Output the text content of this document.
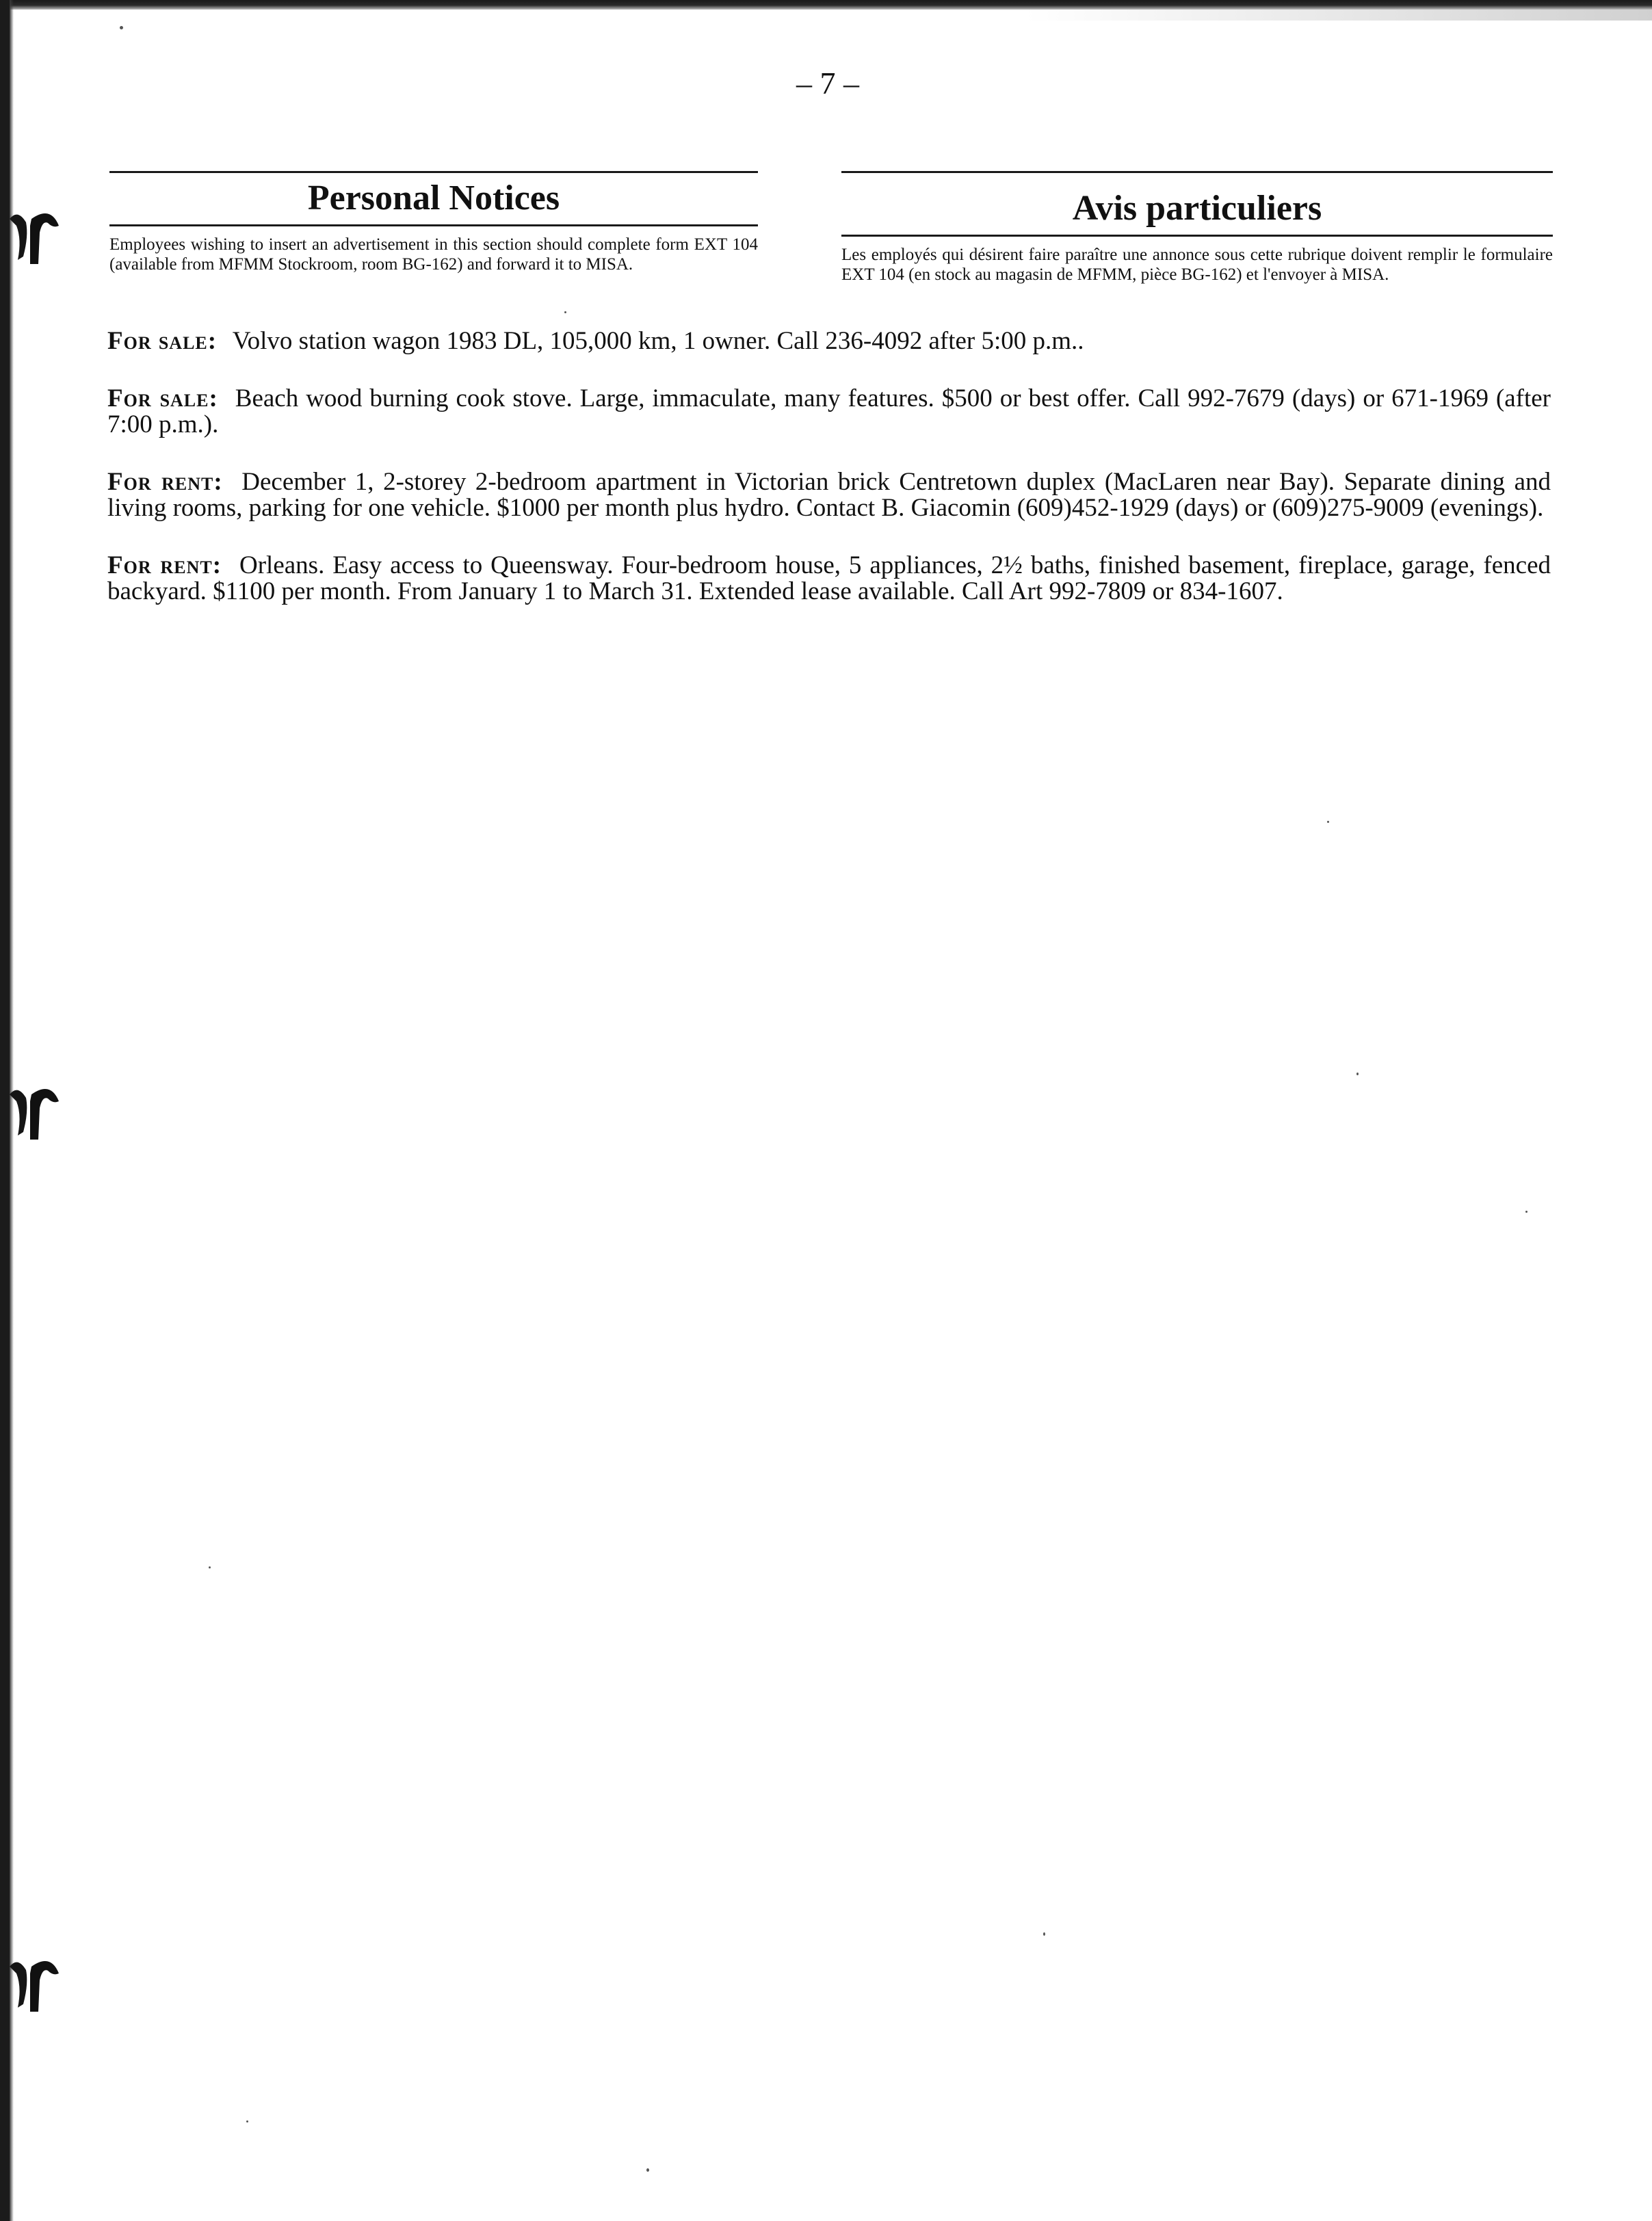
– 7 –
Personal Notices

Employees wishing to insert an advertisement in this section should complete form EXT 104 (available from MFMM Stockroom, room BG-162) and forward it to MISA.

Avis particuliers

Les employés qui désirent faire paraître une annonce sous cette rubrique doivent remplir le formulaire EXT 104 (en stock au magasin de MFMM, pièce BG-162) et l'envoyer à MISA.

For sale: Volvo station wagon 1983 DL, 105,000 km, 1 owner. Call 236-4092 after 5:00 p.m..

For sale: Beach wood burning cook stove. Large, immaculate, many features. $500 or best offer. Call 992-7679 (days) or 671-1969 (after 7:00 p.m.).

For rent: December 1, 2-storey 2-bedroom apartment in Victorian brick Centretown duplex (MacLaren near Bay). Separate dining and living rooms, parking for one vehicle. $1000 per month plus hydro. Contact B. Giacomin (609)452-1929 (days) or (609)275-9009 (evenings).

For rent: Orleans. Easy access to Queensway. Four-bedroom house, 5 appliances, 2½ baths, finished basement, fireplace, garage, fenced backyard. $1100 per month. From January 1 to March 31. Extended lease available. Call Art 992-7809 or 834-1607.
